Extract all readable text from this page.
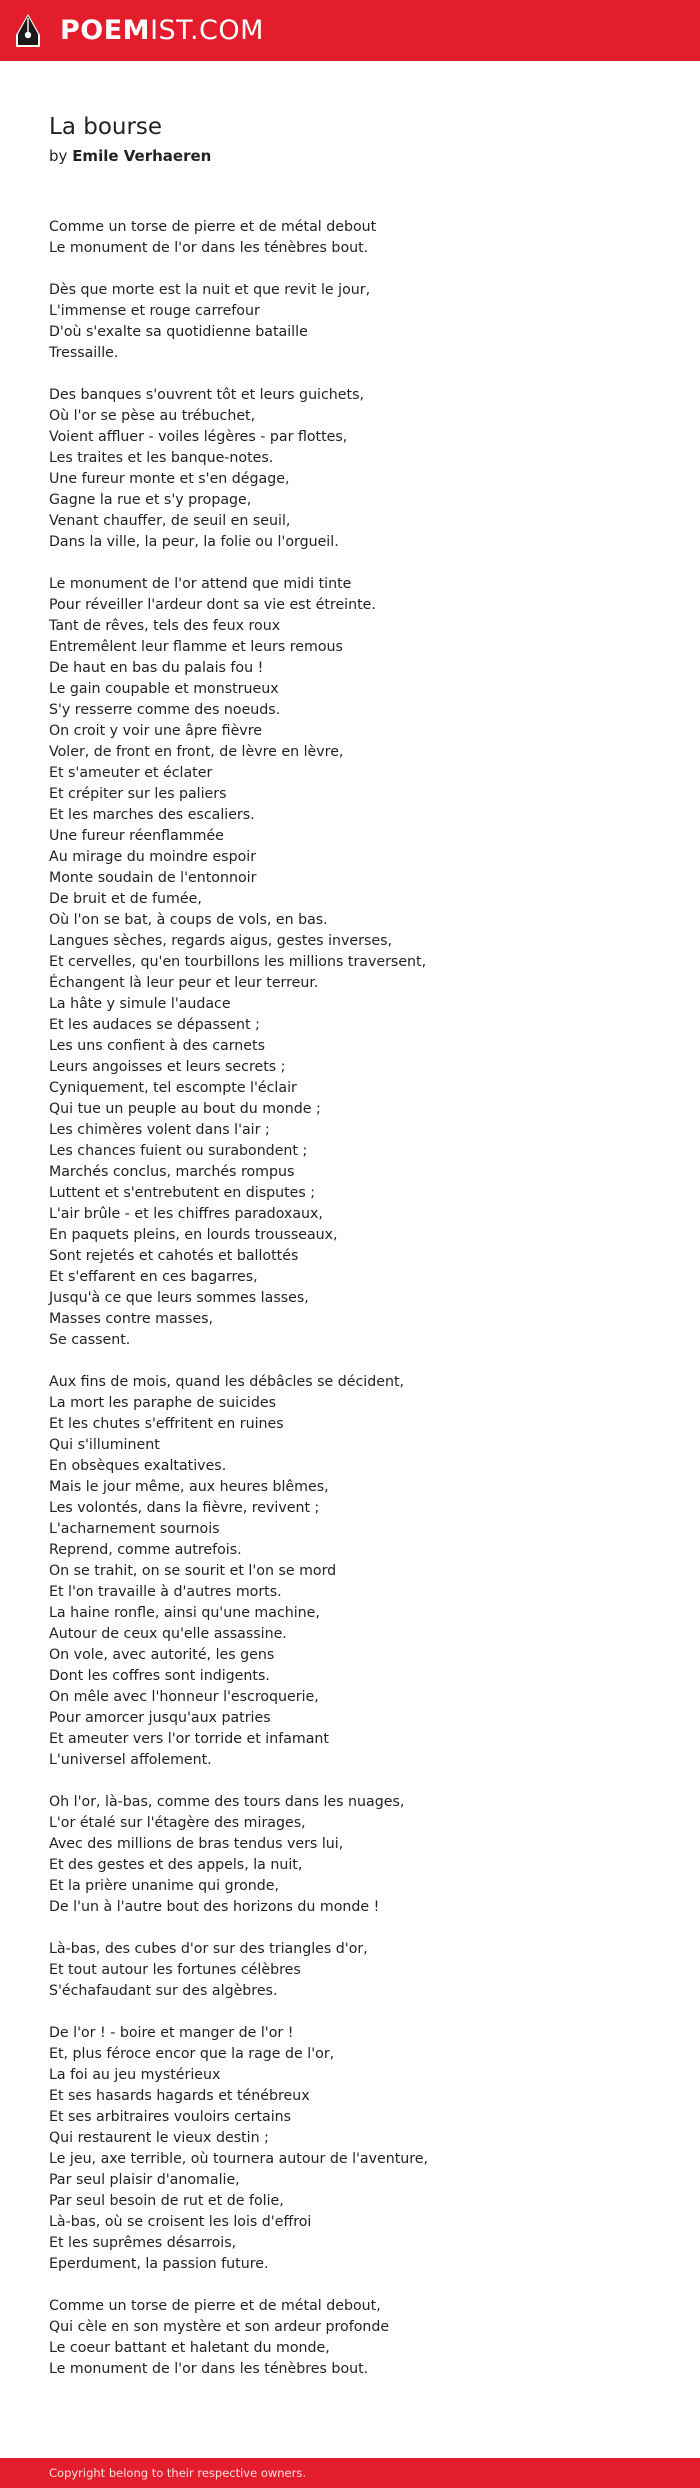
POEMIST.COM
La bourse
by Emile Verhaeren
Comme un torse de pierre et de métal debout
Le monument de l'or dans les ténèbres bout.
Dès que morte est la nuit et que revit le jour,
L'immense et rouge carrefour
D'où s'exalte sa quotidienne bataille
Tressaille.
Des banques s'ouvrent tôt et leurs guichets,
Où l'or se pèse au trébuchet,
Voient affluer - voiles légères - par flottes,
Les traites et les banque-notes.
Une fureur monte et s'en dégage,
Gagne la rue et s'y propage,
Venant chauffer, de seuil en seuil,
Dans la ville, la peur, la folie ou l'orgueil.
Le monument de l'or attend que midi tinte
Pour réveiller l'ardeur dont sa vie est étreinte.
Tant de rêves, tels des feux roux
Entremêlent leur flamme et leurs remous
De haut en bas du palais fou !
Le gain coupable et monstrueux
S'y resserre comme des noeuds.
On croit y voir une âpre fièvre
Voler, de front en front, de lèvre en lèvre,
Et s'ameuter et éclater
Et crépiter sur les paliers
Et les marches des escaliers.
Une fureur réenflammée
Au mirage du moindre espoir
Monte soudain de l'entonnoir
De bruit et de fumée,
Où l'on se bat, à coups de vols, en bas.
Langues sèches, regards aigus, gestes inverses,
Et cervelles, qu'en tourbillons les millions traversent,
Échangent là leur peur et leur terreur.
La hâte y simule l'audace
Et les audaces se dépassent ;
Les uns confient à des carnets
Leurs angoisses et leurs secrets ;
Cyniquement, tel escompte l'éclair
Qui tue un peuple au bout du monde ;
Les chimères volent dans l'air ;
Les chances fuient ou surabondent ;
Marchés conclus, marchés rompus
Luttent et s'entrebutent en disputes ;
L'air brûle - et les chiffres paradoxaux,
En paquets pleins, en lourds trousseaux,
Sont rejetés et cahotés et ballottés
Et s'effarent en ces bagarres,
Jusqu'à ce que leurs sommes lasses,
Masses contre masses,
Se cassent.
Aux fins de mois, quand les débâcles se décident,
La mort les paraphe de suicides
Et les chutes s'effritent en ruines
Qui s'illuminent
En obsèques exaltatives.
Mais le jour même, aux heures blêmes,
Les volontés, dans la fièvre, revivent ;
L'acharnement sournois
Reprend, comme autrefois.
On se trahit, on se sourit et l'on se mord
Et l'on travaille à d'autres morts.
La haine ronfle, ainsi qu'une machine,
Autour de ceux qu'elle assassine.
On vole, avec autorité, les gens
Dont les coffres sont indigents.
On mêle avec l'honneur l'escroquerie,
Pour amorcer jusqu'aux patries
Et ameuter vers l'or torride et infamant
L'universel affolement.
Oh l'or, là-bas, comme des tours dans les nuages,
L'or étalé sur l'étagère des mirages,
Avec des millions de bras tendus vers lui,
Et des gestes et des appels, la nuit,
Et la prière unanime qui gronde,
De l'un à l'autre bout des horizons du monde !
Là-bas, des cubes d'or sur des triangles d'or,
Et tout autour les fortunes célèbres
S'échafaudant sur des algèbres.
De l'or ! - boire et manger de l'or !
Et, plus féroce encor que la rage de l'or,
La foi au jeu mystérieux
Et ses hasards hagards et ténébreux
Et ses arbitraires vouloirs certains
Qui restaurent le vieux destin ;
Le jeu, axe terrible, où tournera autour de l'aventure,
Par seul plaisir d'anomalie,
Par seul besoin de rut et de folie,
Là-bas, où se croisent les lois d'effroi
Et les suprêmes désarrois,
Eperdument, la passion future.
Comme un torse de pierre et de métal debout,
Qui cèle en son mystère et son ardeur profonde
Le coeur battant et haletant du monde,
Le monument de l'or dans les ténèbres bout.
Copyright belong to their respective owners.
